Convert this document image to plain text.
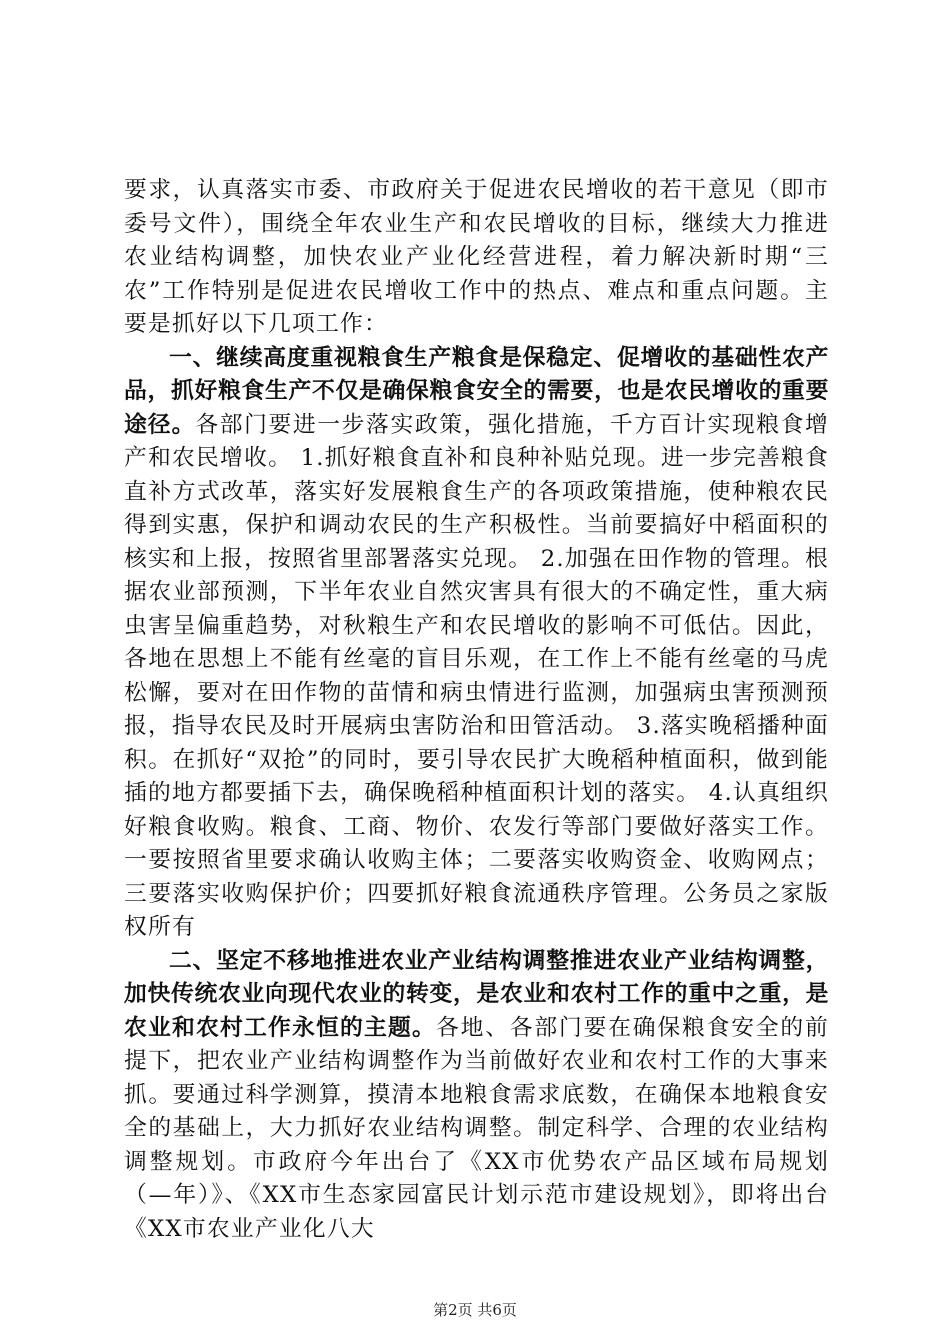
要求，认真落实市委、市政府关于促进农民增收的若干意见（即市委号文件），围绕全年农业生产和农民增收的目标，继续大力推进农业结构调整，加快农业产业化经营进程，着力解决新时期“三农”工作特别是促进农民增收工作中的热点、难点和重点问题。主要是抓好以下几项工作：

一、继续高度重视粮食生产粮食是保稳定、促增收的基础性农产品，抓好粮食生产不仅是确保粮食安全的需要，也是农民增收的重要途径。各部门要进一步落实政策，强化措施，千方百计实现粮食增产和农民增收。 1.抓好粮食直补和良种补贴兑现。进一步完善粮食直补方式改革，落实好发展粮食生产的各项政策措施，使种粮农民得到实惠，保护和调动农民的生产积极性。当前要搞好中稻面积的核实和上报，按照省里部署落实兑现。 2.加强在田作物的管理。根据农业部预测，下半年农业自然灾害具有很大的不确定性，重大病虫害呈偏重趋势，对秋粮生产和农民增收的影响不可低估。因此，各地在思想上不能有丝毫的盲目乐观，在工作上不能有丝毫的马虎松懈，要对在田作物的苗情和病虫情进行监测，加强病虫害预测预报，指导农民及时开展病虫害防治和田管活动。 3.落实晚稻播种面积。在抓好“双抢”的同时，要引导农民扩大晚稻种植面积，做到能插的地方都要插下去，确保晚稻种植面积计划的落实。 4.认真组织好粮食收购。粮食、工商、物价、农发行等部门要做好落实工作。一要按照省里要求确认收购主体；二要落实收购资金、收购网点；三要落实收购保护价；四要抓好粮食流通秩序管理。公务员之家版权所有

二、坚定不移地推进农业产业结构调整推进农业产业结构调整，加快传统农业向现代农业的转变，是农业和农村工作的重中之重，是农业和农村工作永恒的主题。各地、各部门要在确保粮食安全的前提下，把农业产业结构调整作为当前做好农业和农村工作的大事来抓。要通过科学测算，摸清本地粮食需求底数，在确保本地粮食安全的基础上，大力抓好农业结构调整。制定科学、合理的农业结构调整规划。市政府今年出台了《XX市优势农产品区域布局规划（—年）》、《XX市生态家园富民计划示范市建设规划》，即将出台《XX市农业产业化八大

第2页 共6页
